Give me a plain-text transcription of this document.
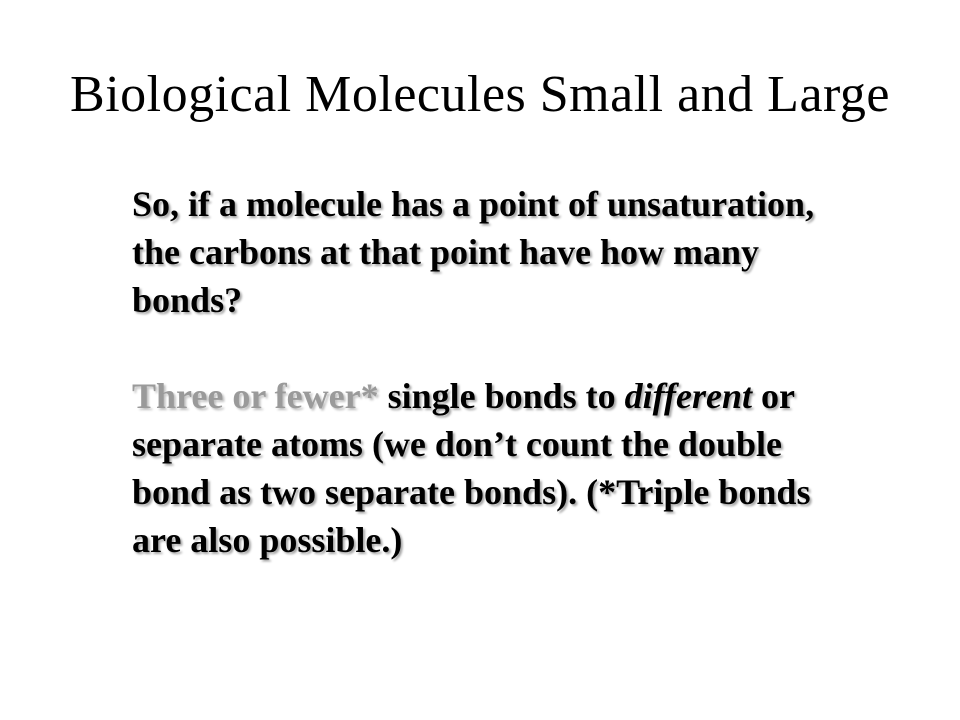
Biological Molecules Small and Large

So, if a molecule has a point of unsaturation, the carbons at that point have how many bonds?

Three or fewer* single bonds to different or separate atoms (we don’t count the double bond as two separate bonds). (*Triple bonds are also possible.)
